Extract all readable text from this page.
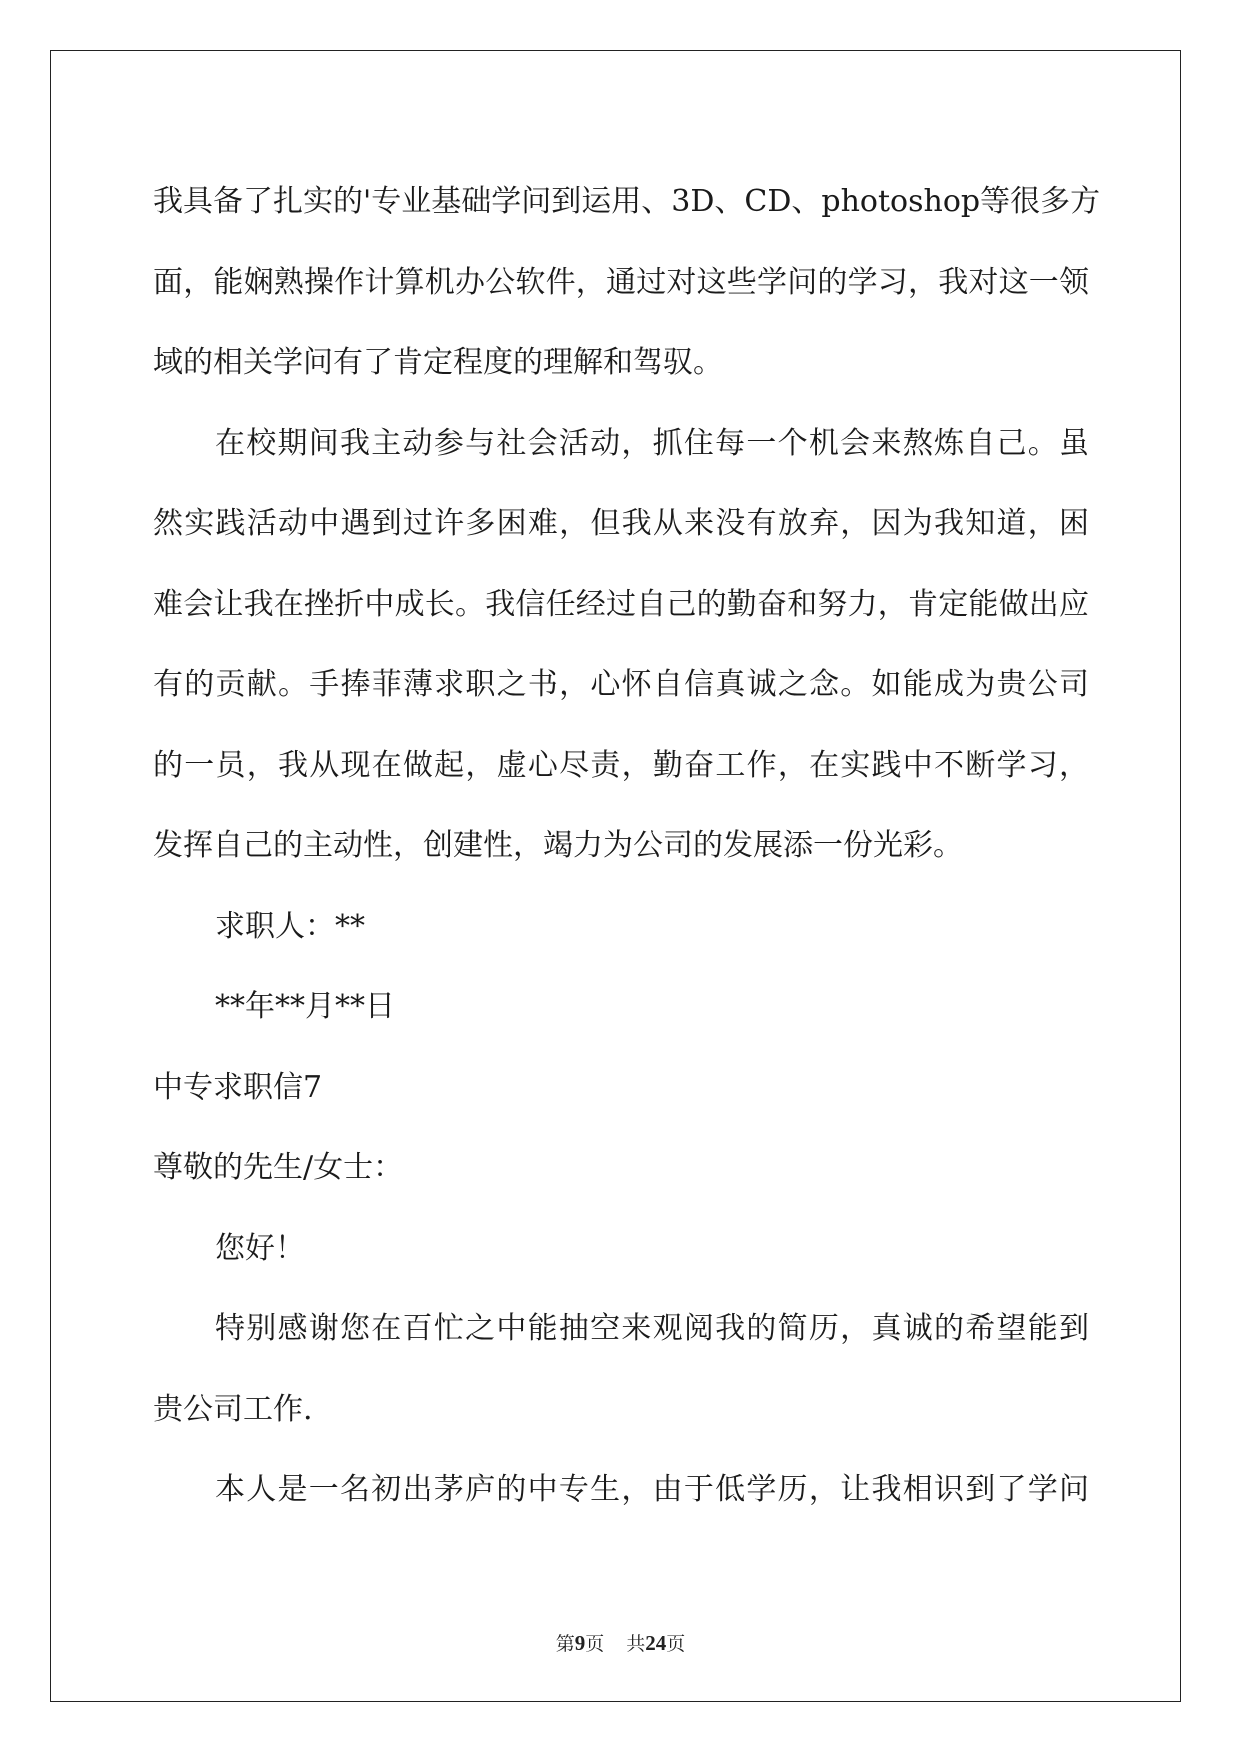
我具备了扎实的'专业基础学问到运用、3D、CD、photoshop等很多方
面，能娴熟操作计算机办公软件，通过对这些学问的学习，我对这一领
域的相关学问有了肯定程度的理解和驾驭。
在校期间我主动参与社会活动，抓住每一个机会来熬炼自己。虽
然实践活动中遇到过许多困难，但我从来没有放弃，因为我知道，困
难会让我在挫折中成长。我信任经过自己的勤奋和努力，肯定能做出应
有的贡献。手捧菲薄求职之书，心怀自信真诚之念。如能成为贵公司
的一员，我从现在做起，虚心尽责，勤奋工作，在实践中不断学习，
发挥自己的主动性，创建性，竭力为公司的发展添一份光彩。
求职人：**
**年**月**日
中专求职信7
尊敬的先生/女士：
您好！
特别感谢您在百忙之中能抽空来观阅我的简历，真诚的希望能到
贵公司工作.
本人是一名初出茅庐的中专生，由于低学历，让我相识到了学问
第9页 共24页
